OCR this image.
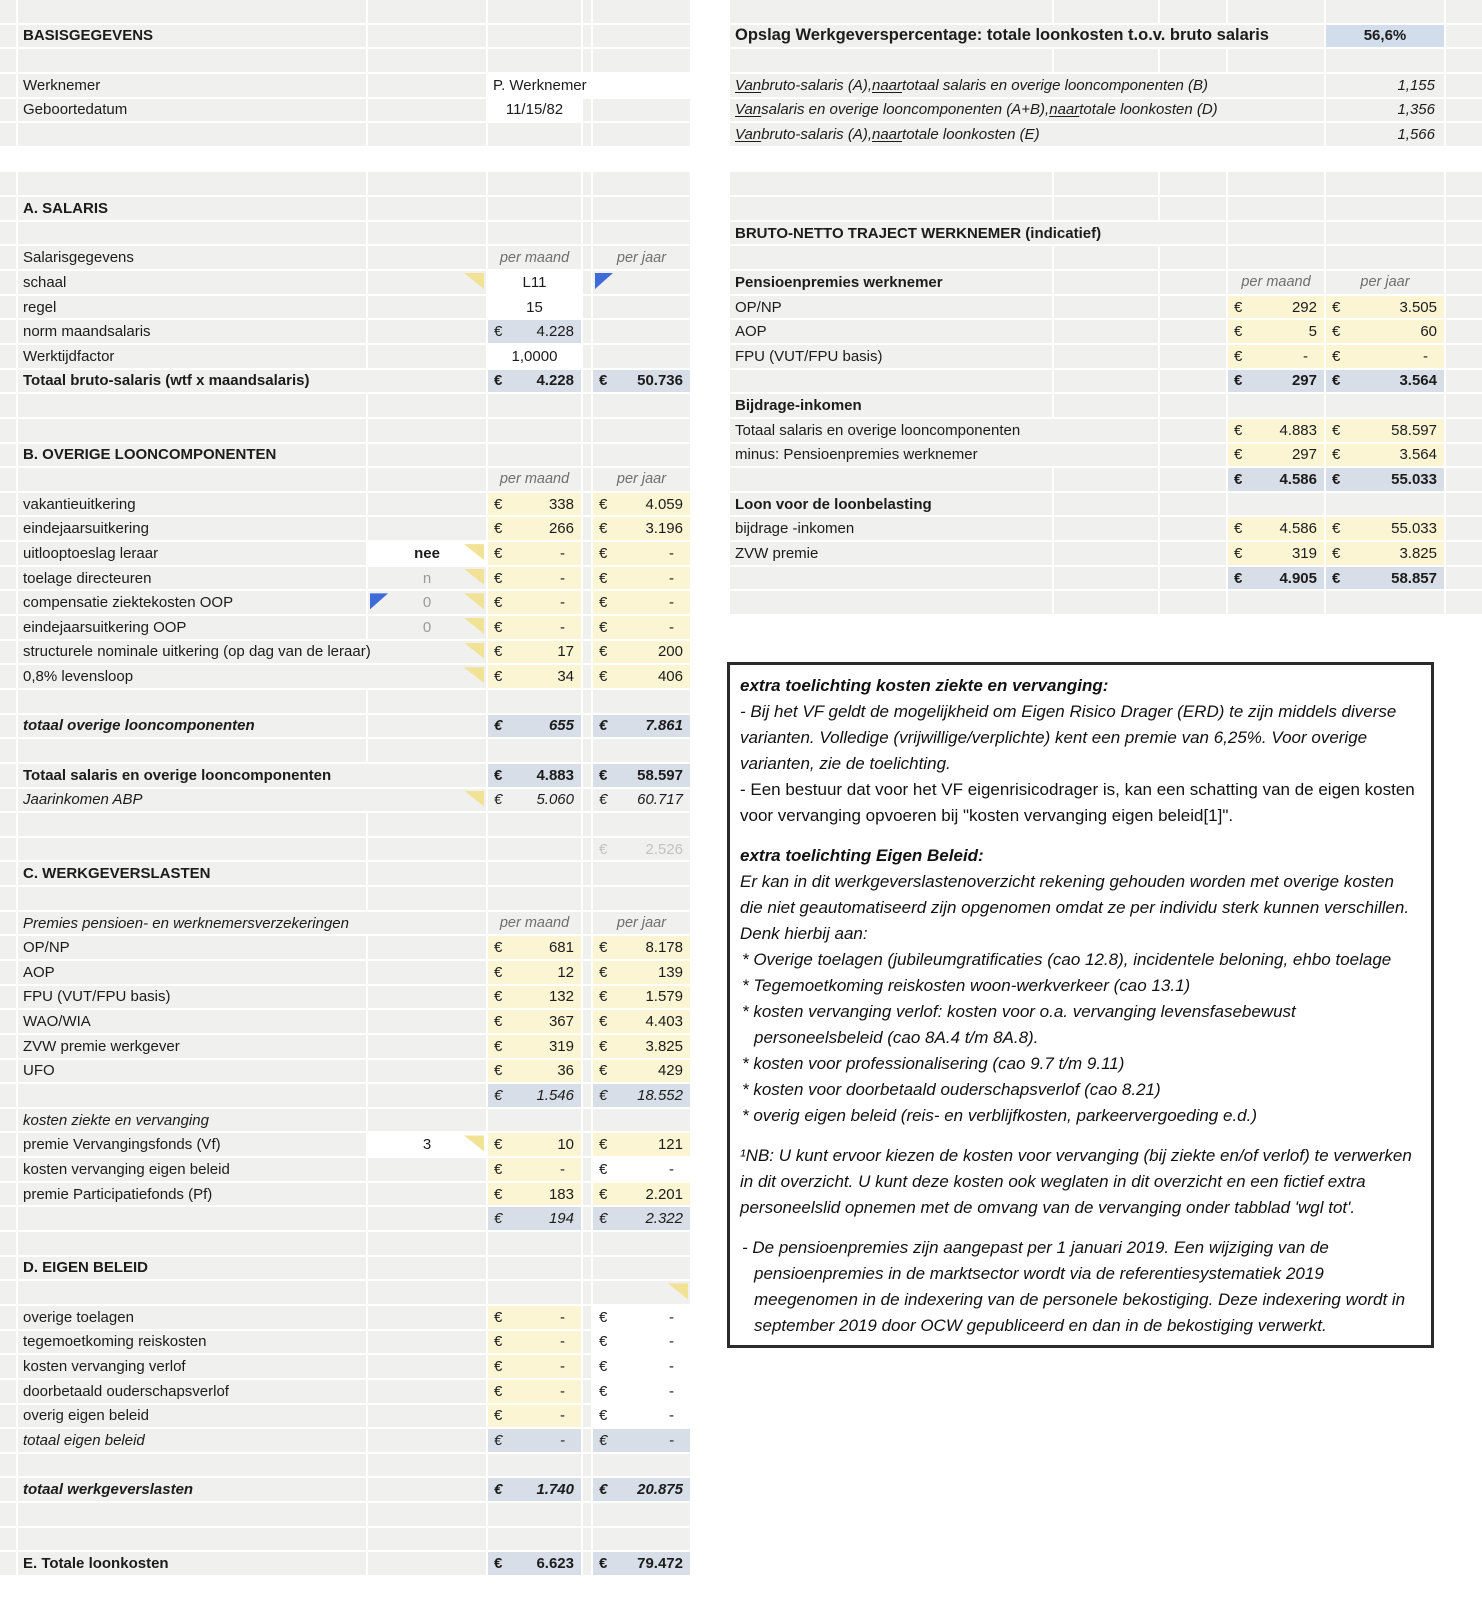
BASISGEGEVENS
Werknemer	P. Werknemer
Geboortedatum	11/15/82
A. SALARIS
Salarisgegevens	per maand	per jaar
schaal	L11
regel	15
norm maandsalaris	€ 4.228
Werktijdfactor	1,0000
Totaal bruto-salaris (wtf x maandsalaris)	€ 4.228 € 50.736
B. OVERIGE LOONCOMPONENTEN
per maand	per jaar
vakantieuitkering	€	338 €	4.059
eindejaarsuitkering	€	266 €	3.196
uitlooptoeslag leraar	nee	€	-	€	-
toelage directeuren	n	€	-	€	-
compensatie ziektekosten OOP	0	€	-	€	-
eindejaarsuitkering OOP	0	€	-	€	-
structurele nominale uitkering (op dag van de leraar)	€	17 €	200
0,8% levensloop	€	34 €	406
totaal overige looncomponenten	€	655 €	7.861
Totaal salaris en overige looncomponenten	€ 4.883 € 58.597
Jaarinkomen ABP	€ 5.060 € 60.717
€	2.526
C. WERKGEVERSLASTEN
Premies pensioen- en werknemersverzekeringen	per maand	per jaar
OP/NP	€	681 €	8.178
AOP	€	12 €	139
FPU (VUT/FPU basis)	€	132 €	1.579
WAO/WIA	€	367 €	4.403
ZVW premie werkgever	€	319 €	3.825
UFO	€	36 €	429
€ 1.546 € 18.552
kosten ziekte en vervanging
premie Vervangingsfonds (Vf)	3	€	10 €	121
kosten vervanging eigen beleid	€	-	€	-
premie Participatiefonds (Pf)	€	183 €	2.201
€	194 €	2.322
D. EIGEN BELEID
overige toelagen	€	-	€	-
tegemoetkoming reiskosten	€	-	€	-
kosten vervanging verlof	€	-	€	-
doorbetaald ouderschapsverlof	€	-	€	-
overig eigen beleid	€	-	€	-
totaal eigen beleid	€	-	€	-
totaal werkgeverslasten	€ 1.740 € 20.875
E. Totale loonkosten	€ 6.623 € 79.472
Opslag Werkgeverspercentage: totale loonkosten t.o.v. bruto salaris	56,6%
Van bruto-salaris (A), naar totaal salaris en overige looncomponenten (B)	1,155
Van salaris en overige looncomponenten (A+B), naar totale loonkosten (D)	1,356
Van bruto-salaris (A), naar totale loonkosten (E)	1,566
BRUTO-NETTO TRAJECT WERKNEMER (indicatief)
Pensioenpremies werknemer	per maand	per jaar
OP/NP	€	292 €	3.505
AOP	€	5 €	60
FPU (VUT/FPU basis)	€	-	€	-
€	297 €	3.564
Bijdrage-inkomen
Totaal salaris en overige looncomponenten	€ 4.883 €	58.597
minus: Pensioenpremies werknemer	€	297 €	3.564
€ 4.586 €	55.033
Loon voor de loonbelasting
bijdrage -inkomen	€ 4.586 €	55.033
ZVW premie	€	319 €	3.825
€ 4.905 €	58.857

extra toelichting kosten ziekte en vervanging:

- Bij het VF geldt de mogelijkheid om Eigen Risico Drager (ERD) te zijn middels diverse varianten. Volledige (vrijwillige/verplichte) kent een premie van 6,25%. Voor overige varianten, zie de toelichting.

- Een bestuur dat voor het VF eigenrisicodrager is, kan een schatting van de eigen kosten voor vervanging opvoeren bij "kosten vervanging eigen beleid[1]".

extra toelichting Eigen Beleid:

Er kan in dit werkgeverslastenoverzicht rekening gehouden worden met overige kosten die niet geautomatiseerd zijn opgenomen omdat ze per individu sterk kunnen verschillen. Denk hierbij aan:

* Overige toelagen (jubileumgratificaties (cao 12.8), incidentele beloning, ehbo toelage

* Tegemoetkoming reiskosten woon-werkverkeer (cao 13.1)

* kosten vervanging verlof: kosten voor o.a. vervanging levensfasebewust personeelsbeleid (cao 8A.4 t/m 8A.8).

* kosten voor professionalisering (cao 9.7 t/m 9.11)

* kosten voor doorbetaald ouderschapsverlof (cao 8.21)

* overig eigen beleid (reis- en verblijfkosten, parkeervergoeding e.d.)

¹NB: U kunt ervoor kiezen de kosten voor vervanging (bij ziekte en/of verlof) te verwerken in dit overzicht. U kunt deze kosten ook weglaten in dit overzicht en een fictief extra personeelslid opnemen met de omvang van de vervanging onder tabblad 'wgl tot'.

- De pensioenpremies zijn aangepast per 1 januari 2019. Een wijziging van de pensioenpremies in de marktsector wordt via de referentiesystematiek 2019 meegenomen in de indexering van de personele bekostiging. Deze indexering wordt in september 2019 door OCW gepubliceerd en dan in de bekostiging verwerkt.
